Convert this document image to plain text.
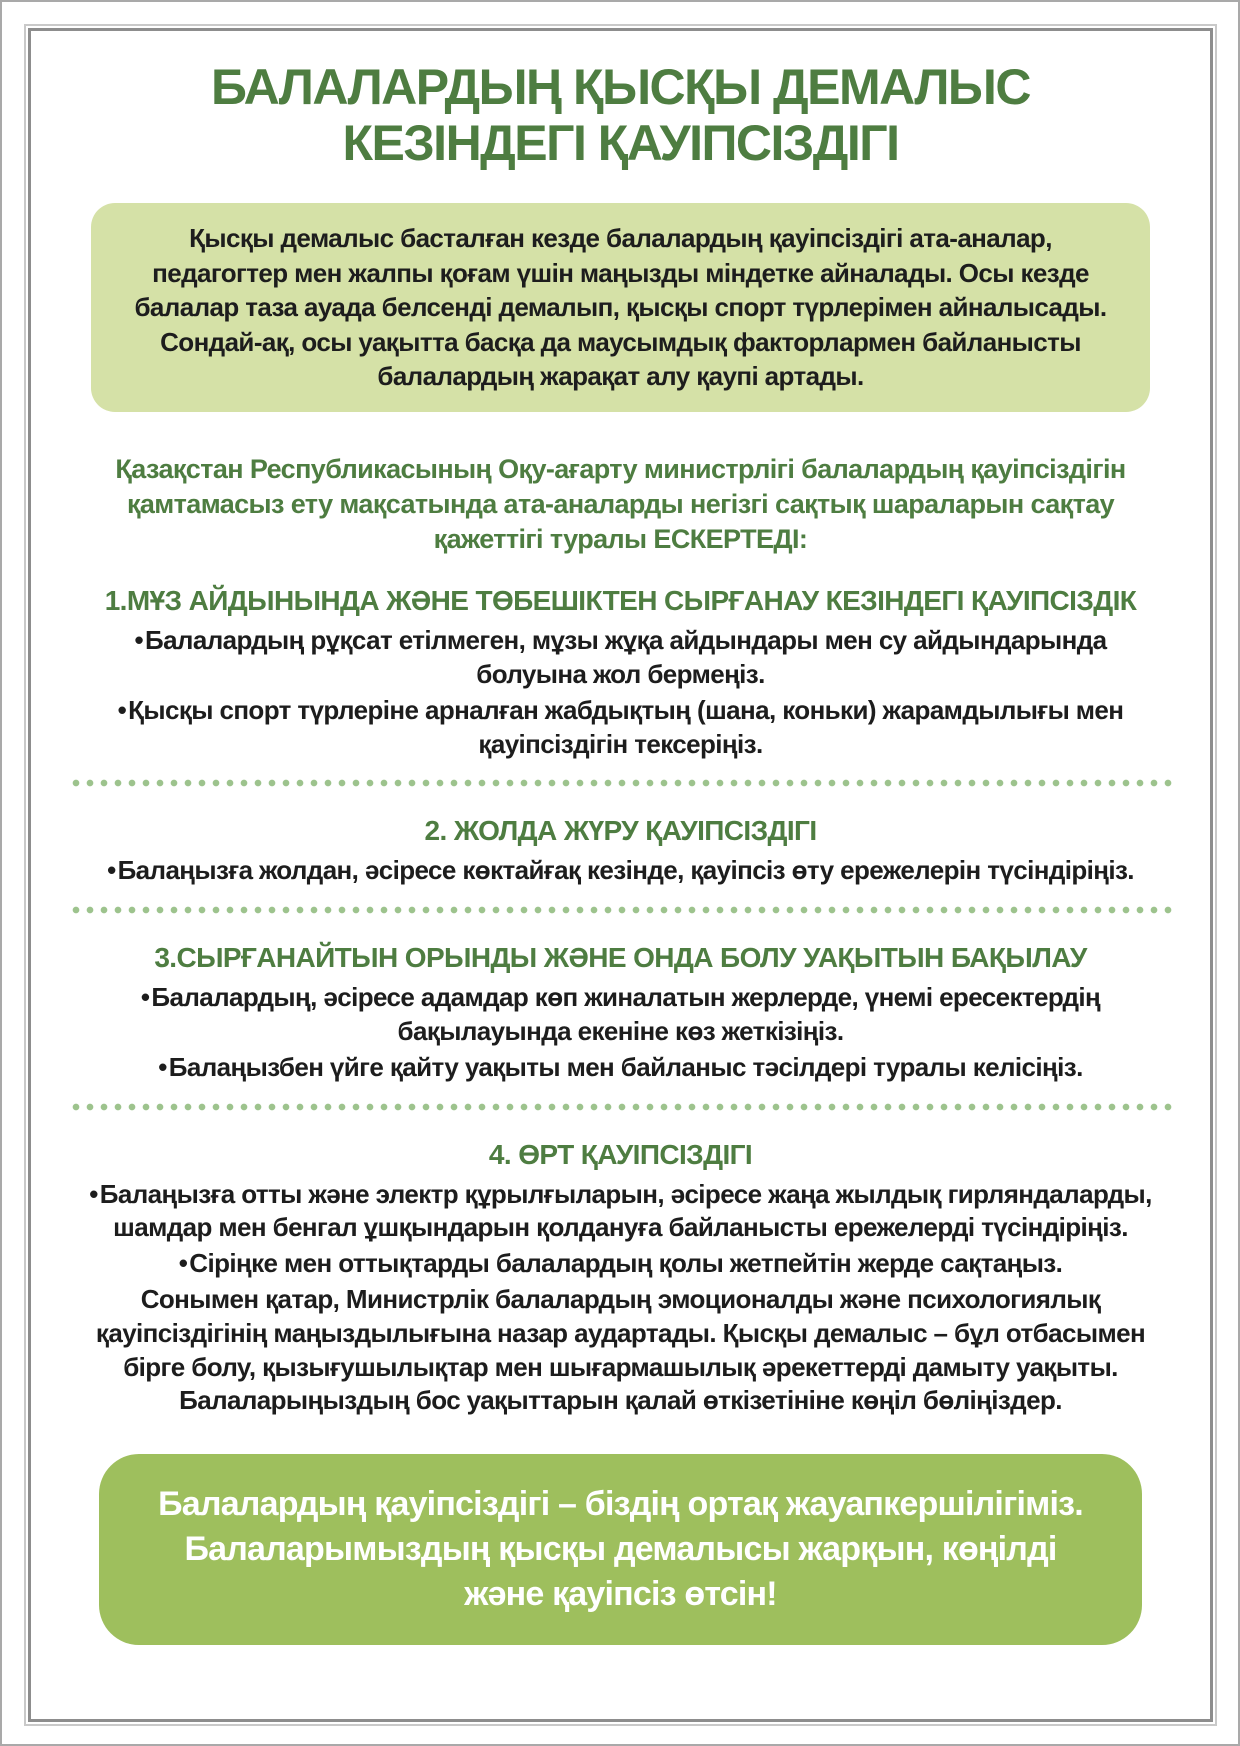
БАЛАЛАРДЫҢ ҚЫСҚЫ ДЕМАЛЫС
КЕЗІНДЕГІ ҚАУІПСІЗДІГІ
Қысқы демалыс басталған кезде балалардың қауіпсіздігі ата-аналар, педагогтер мен жалпы қоғам үшін маңызды міндетке айналады. Осы кезде балалар таза ауада белсенді демалып, қысқы спорт түрлерімен айналысады. Сондай-ақ, осы уақытта басқа да маусымдық факторлармен байланысты балалардың жарақат алу қаупі артады.
Қазақстан Республикасының Оқу-ағарту министрлігі балалардың қауіпсіздігін қамтамасыз ету мақсатында ата-аналарды негізгі сақтық шараларын сақтау қажеттігі туралы ЕСКЕРТЕДІ:
1.МҰЗ АЙДЫНЫНДА ЖӘНЕ ТӨБЕШІКТЕН СЫРҒАНАУ КЕЗІНДЕГІ ҚАУІПСІЗДІК
• Балалардың рұқсат етілмеген, мұзы жұқа айдындары мен су айдындарында болуына жол бермеңіз.
• Қысқы спорт түрлеріне арналған жабдықтың (шана, коньки) жарамдылығы мен қауіпсіздігін тексеріңіз.
2. ЖОЛДА ЖҮРУ ҚАУІПСІЗДІГІ
• Балаңызға жолдан, әсіресе көктайғақ кезінде, қауіпсіз өту ережелерін түсіндіріңіз.
3.СЫРҒАНАЙТЫН ОРЫНДЫ ЖӘНЕ ОНДА БОЛУ УАҚЫТЫН БАҚЫЛАУ
• Балалардың, әсіресе адамдар көп жиналатын жерлерде, үнемі ересектердің бақылауында екеніне көз жеткізіңіз.
• Балаңызбен үйге қайту уақыты мен байланыс тәсілдері туралы келісіңіз.
4. ӨРТ ҚАУІПСІЗДІГІ
• Балаңызға отты және электр құрылғыларын, әсіресе жаңа жылдық гирляндаларды, шамдар мен бенгал ұшқындарын қолдануға байланысты ережелерді түсіндіріңіз.
• Сіріңке мен оттықтарды балалардың қолы жетпейтін жерде сақтаңыз.
Сонымен қатар, Министрлік балалардың эмоционалды және психологиялық қауіпсіздігінің маңыздылығына назар аудартады. Қысқы демалыс – бұл отбасымен бірге болу, қызығушылықтар мен шығармашылық әрекеттерді дамыту уақыты. Балаларыңыздың бос уақыттарын қалай өткізетініне көңіл бөліңіздер.
Балалардың қауіпсіздігі – біздің ортақ жауапкершілігіміз. Балаларымыздың қысқы демалысы жарқын, көңілді және қауіпсіз өтсін!
